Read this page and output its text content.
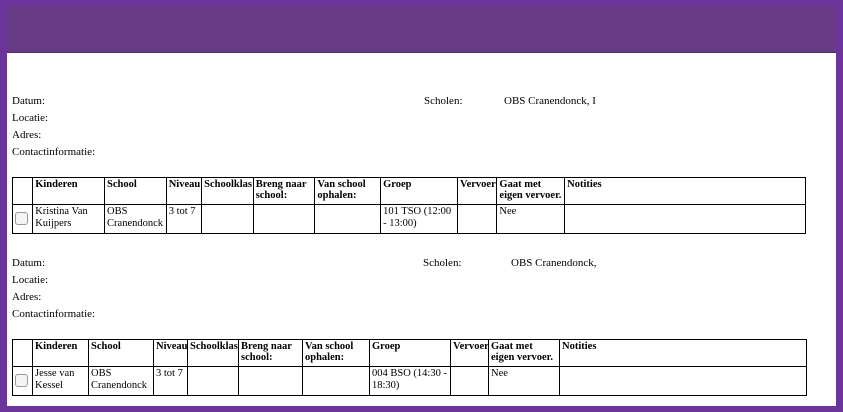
Datum:
Locatie:
Adres:
Contactinformatie:
Scholen:	OBS Cranendonck, I
	Kinderen	School	Niveau	Schoolklas	Breng naar school:	Van school ophalen:	Groep	Vervoer	Gaat met eigen vervoer.	Notities
	Kristina Van Kuijpers	OBS Cranendonck	3 tot 7				101 TSO (12:00 - 13:00)		Nee	
Datum:
Locatie:
Adres:
Contactinformatie:
Scholen:	OBS Cranendonck,
	Kinderen	School	Niveau	Schoolklas	Breng naar school:	Van school ophalen:	Groep	Vervoer	Gaat met eigen vervoer.	Notities
	Jesse van Kessel	OBS Cranendonck	3 tot 7				004 BSO (14:30 - 18:30)		Nee	
